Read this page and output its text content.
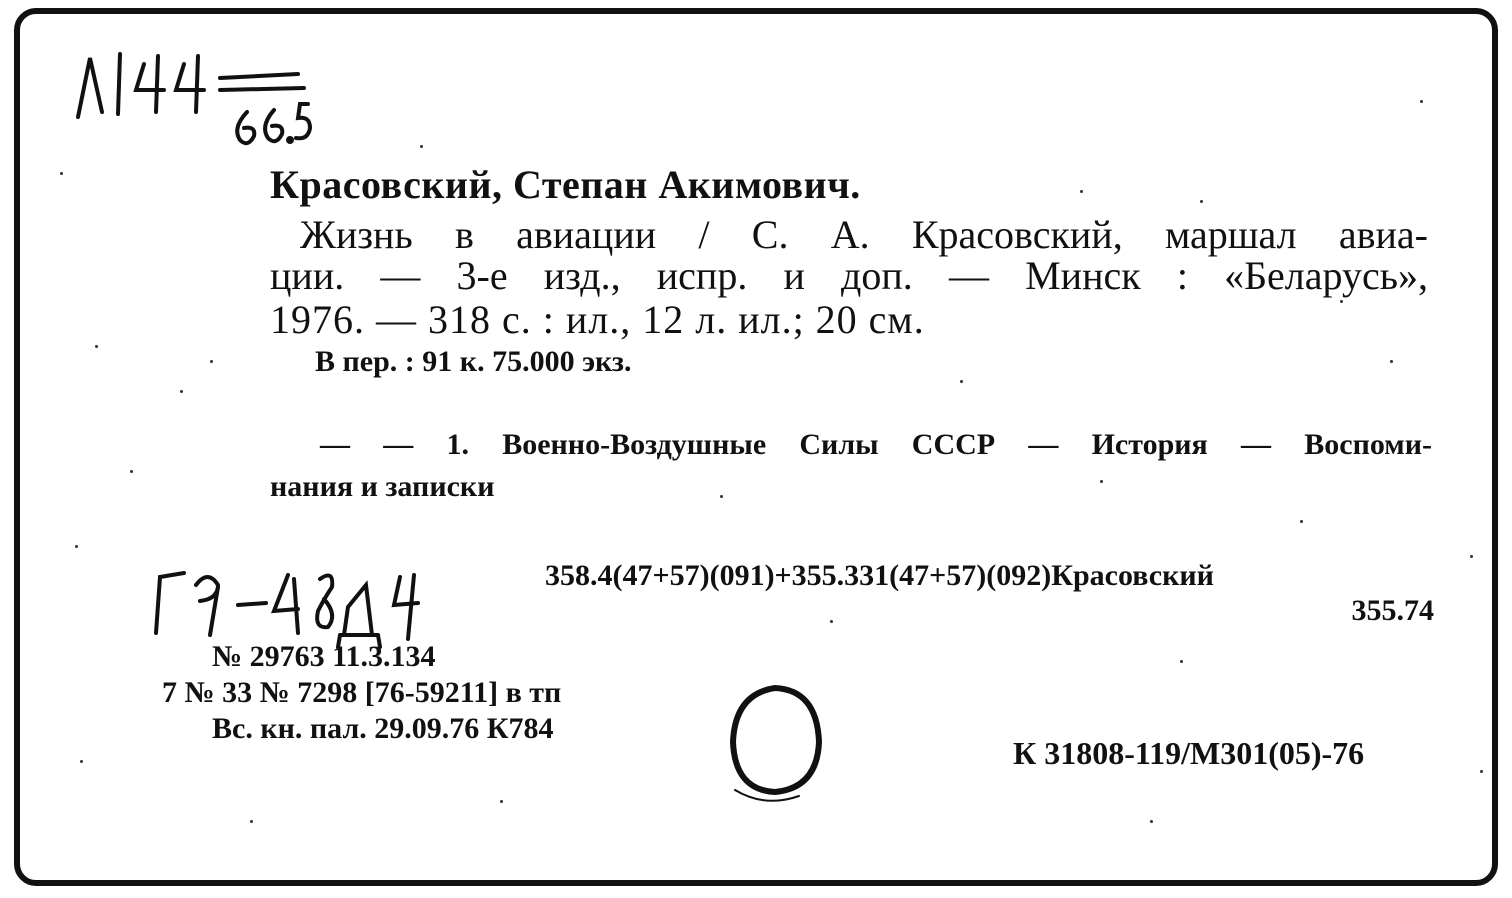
Красовский, Степан Акимович.
Жизнь в авиации / С. А. Красовский, маршал авиа-
ции. — 3-е изд., испр. и доп. — Минск : «Беларусь»,
1976. — 318 с. : ил., 12 л. ил.; 20 см.
В пер. : 91 к. 75.000 экз.
— — 1. Военно-Воздушные Силы СССР — История — Воспоми-
нания и записки
358.4(47+57)(091)+355.331(47+57)(092)Красовский
355.74
№ 29763 11.3.134
7 № 33 № 7298 [76-59211] в тп
Вс. кн. пал. 29.09.76 К784
К 31808-119/М301(05)-76
